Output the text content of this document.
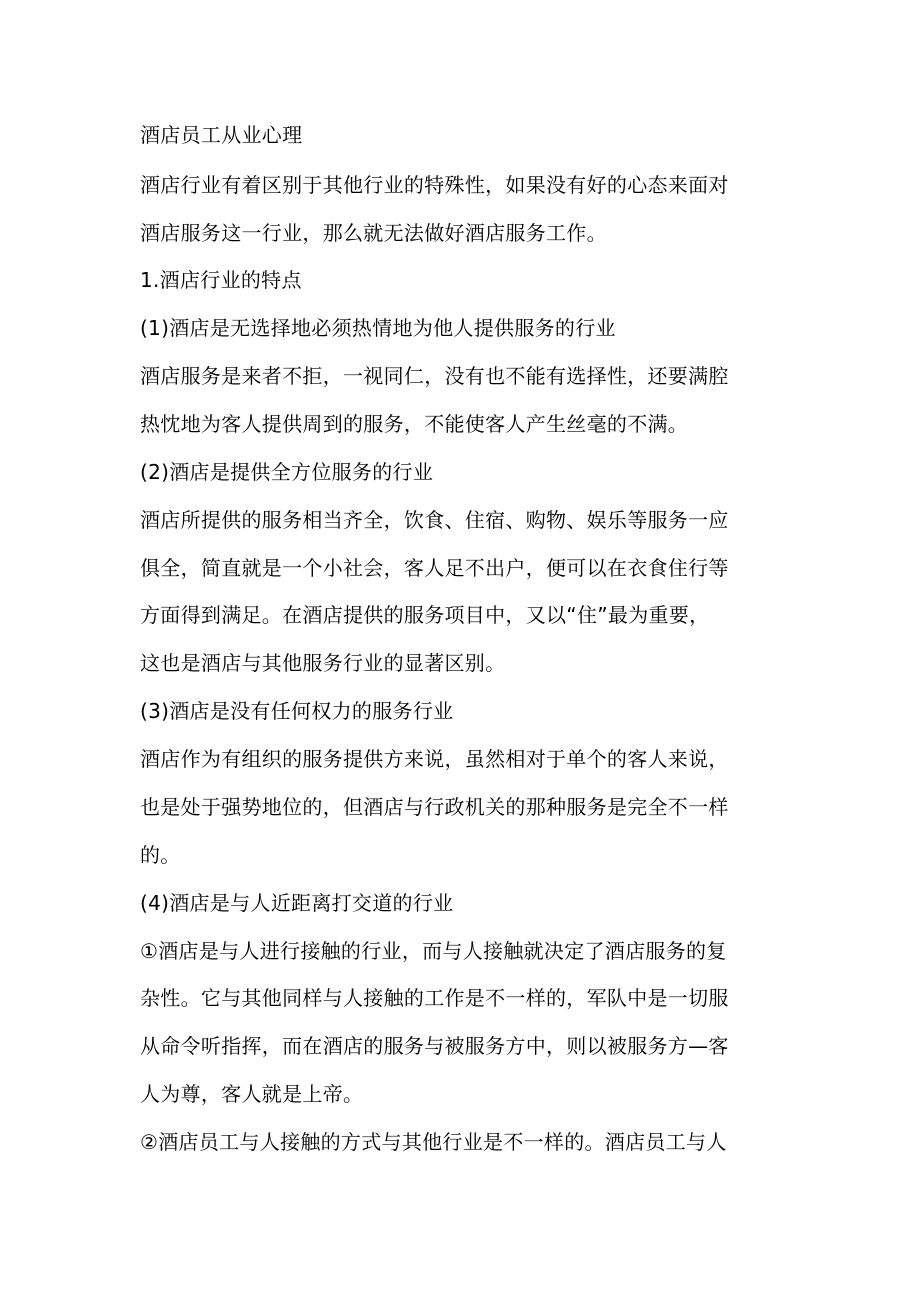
酒店员工从业心理
酒店行业有着区别于其他行业的特殊性，如果没有好的心态来面对
酒店服务这一行业，那么就无法做好酒店服务工作。
1.酒店行业的特点
(1)酒店是无选择地必须热情地为他人提供服务的行业
酒店服务是来者不拒，一视同仁，没有也不能有选择性，还要满腔
热忱地为客人提供周到的服务，不能使客人产生丝毫的不满。
(2)酒店是提供全方位服务的行业
酒店所提供的服务相当齐全，饮食、住宿、购物、娱乐等服务一应
俱全，简直就是一个小社会，客人足不出户，便可以在衣食住行等
方面得到满足。在酒店提供的服务项目中，又以“住”最为重要，
这也是酒店与其他服务行业的显著区别。
(3)酒店是没有任何权力的服务行业
酒店作为有组织的服务提供方来说，虽然相对于单个的客人来说，
也是处于强势地位的，但酒店与行政机关的那种服务是完全不一样
的。
(4)酒店是与人近距离打交道的行业
①酒店是与人进行接触的行业，而与人接触就决定了酒店服务的复
杂性。它与其他同样与人接触的工作是不一样的，军队中是一切服
从命令听指挥，而在酒店的服务与被服务方中，则以被服务方—客
人为尊，客人就是上帝。
②酒店员工与人接触的方式与其他行业是不一样的。酒店员工与人
